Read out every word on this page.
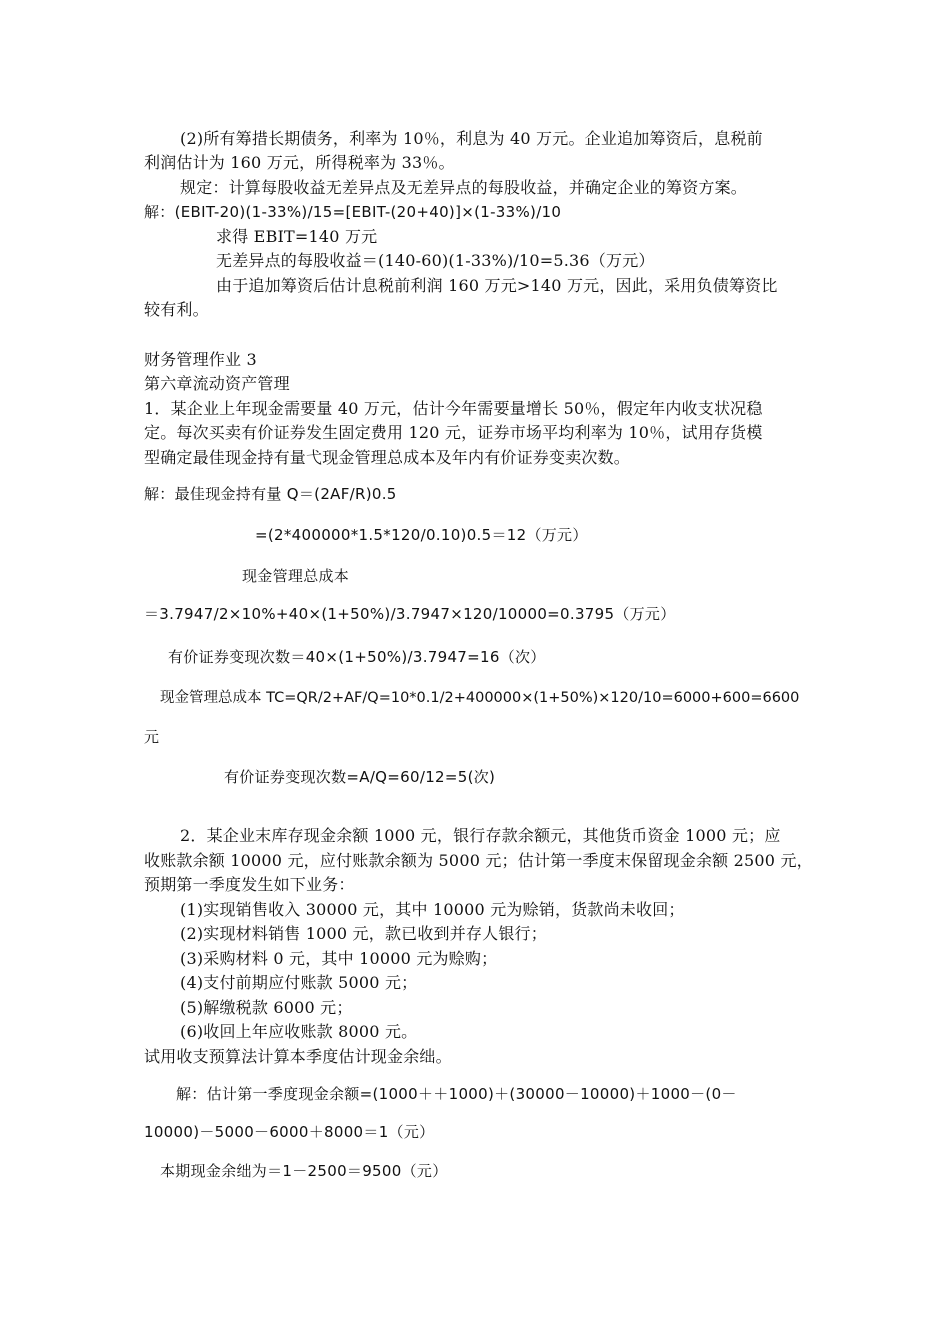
(2)所有筹措长期债务，利率为 10％，利息为 40 万元。企业追加筹资后，息税前
利润估计为 160 万元，所得税率为 33％。
规定：计算每股收益无差异点及无差异点的每股收益，并确定企业的筹资方案。
解：(EBIT-20)(1-33%)/15=[EBIT-(20+40)]×(1-33%)/10
求得 EBIT=140 万元
无差异点的每股收益＝(140-60)(1-33%)/10=5.36（万元）
由于追加筹资后估计息税前利润 160 万元>140 万元，因此，采用负债筹资比
较有利。
财务管理作业 3
第六章流动资产管理
1．某企业上年现金需要量 40 万元，估计今年需要量增长 50％，假定年内收支状况稳
定。每次买卖有价证券发生固定费用 120 元，证券市场平均利率为 10％，试用存货模
型确定最佳现金持有量弋现金管理总成本及年内有价证券变卖次数。
解：最佳现金持有量 Q＝(2AF/R)0.5
=(2*400000*1.5*120/0.10)0.5＝12（万元）
现金管理总成本
＝3.7947/2×10%+40×(1+50%)/3.7947×120/10000=0.3795（万元）
有价证券变现次数＝40×(1+50%)/3.7947=16（次）
现金管理总成本 TC=QR/2+AF/Q=10*0.1/2+400000×(1+50%)×120/10=6000+600=6600
元
有价证券变现次数=A/Q=60/12=5(次)
2．某企业末库存现金余额 1000 元，银行存款余额元，其他货币资金 1000 元；应
收账款余额 10000 元，应付账款余额为 5000 元；估计第一季度末保留现金余额 2500 元，
预期第一季度发生如下业务：
(1)实现销售收入 30000 元，其中 10000 元为赊销，货款尚未收回；
(2)实现材料销售 1000 元，款已收到并存人银行；
(3)采购材料 0 元，其中 10000 元为赊购；
(4)支付前期应付账款 5000 元；
(5)解缴税款 6000 元；
(6)收回上年应收账款 8000 元。
试用收支预算法计算本季度估计现金余绌。
解：估计第一季度现金余额=(1000＋＋1000)＋(30000－10000)＋1000－(0－
10000)－5000－6000＋8000＝1（元）
本期现金余绌为＝1－2500＝9500（元）
